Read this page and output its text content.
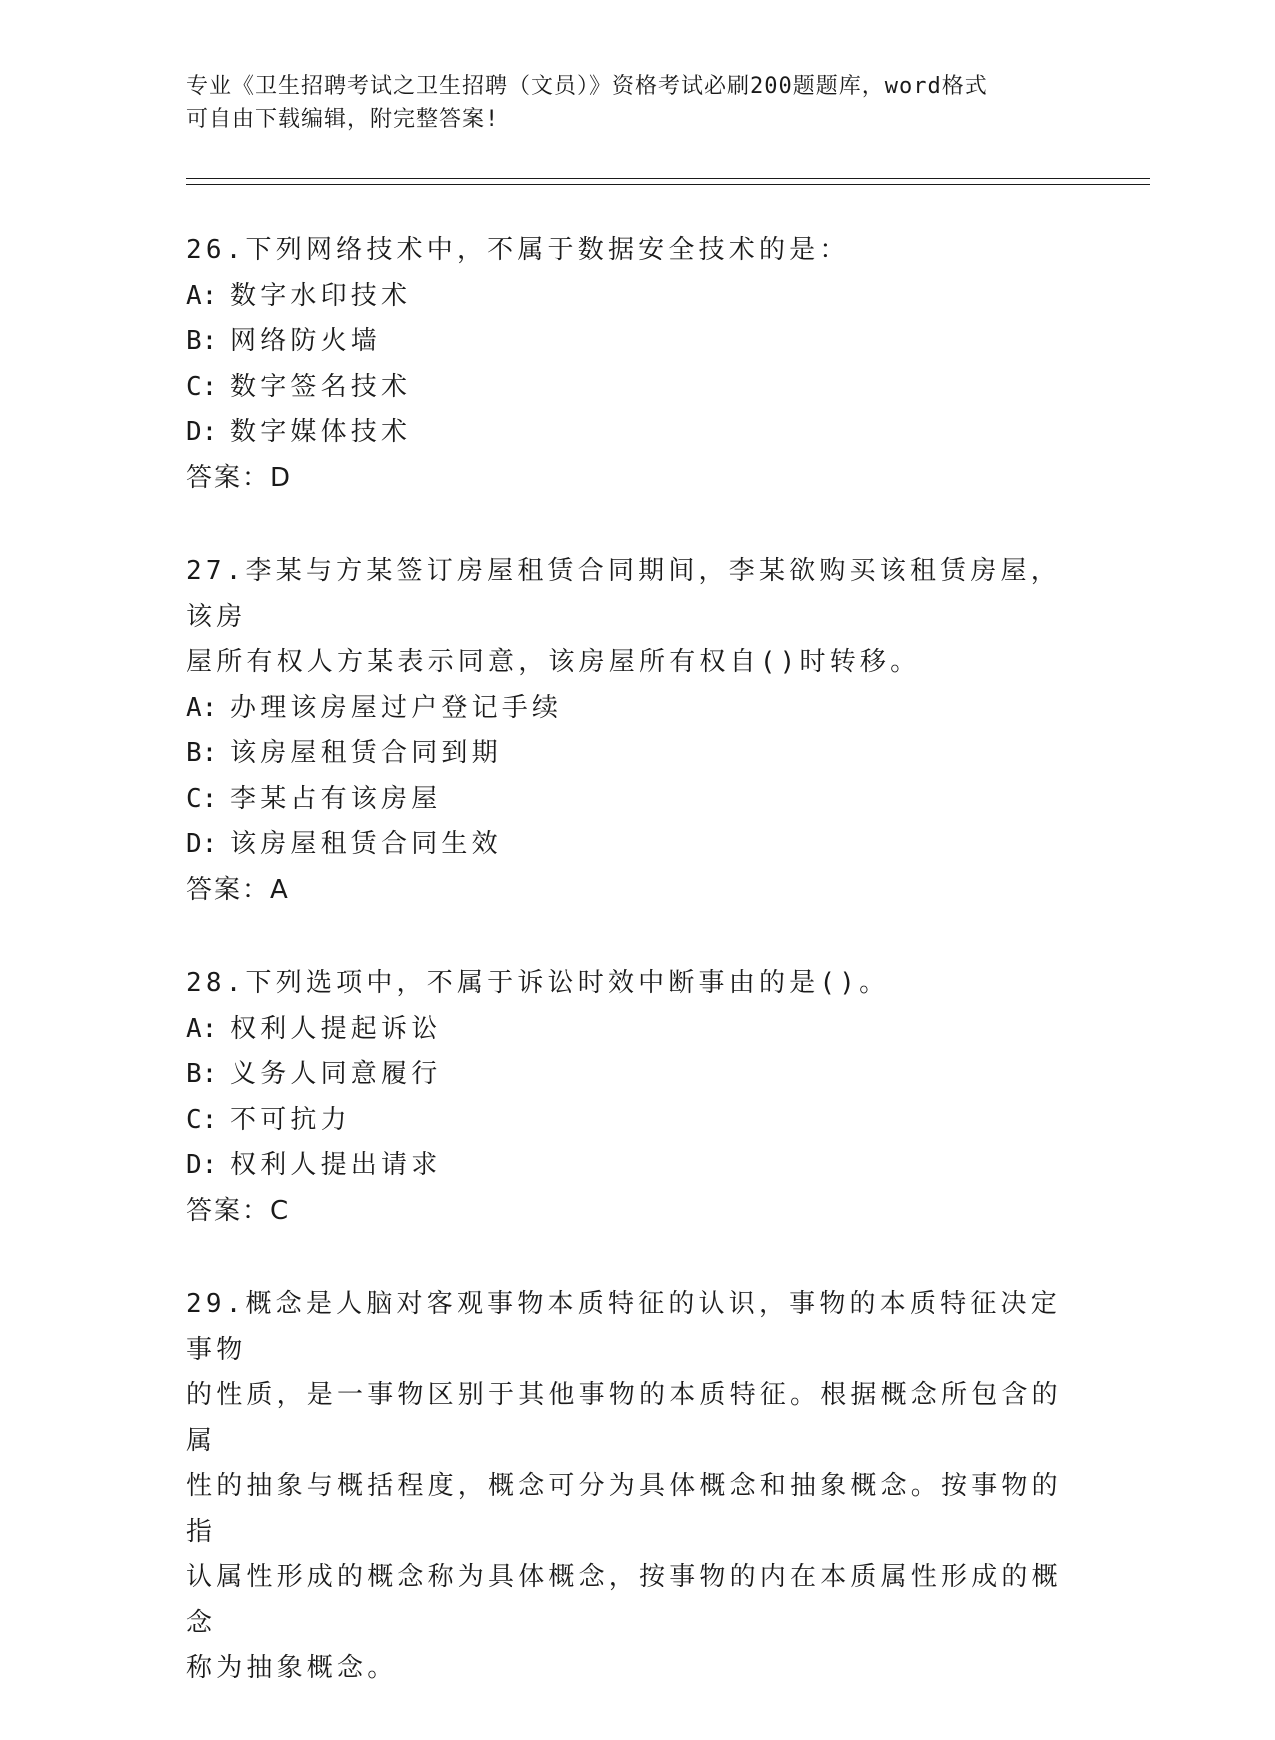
专业《卫生招聘考试之卫生招聘（文员）》资格考试必刷200题题库，word格式
可自由下载编辑，附完整答案!
26.下列网络技术中，不属于数据安全技术的是：
A: 数字水印技术
B: 网络防火墙
C: 数字签名技术
D: 数字媒体技术
答案：D
27.李某与方某签订房屋租赁合同期间，李某欲购买该租赁房屋，该房
屋所有权人方某表示同意，该房屋所有权自()时转移。
A: 办理该房屋过户登记手续
B: 该房屋租赁合同到期
C: 李某占有该房屋
D: 该房屋租赁合同生效
答案：A
28.下列选项中，不属于诉讼时效中断事由的是()。
A: 权利人提起诉讼
B: 义务人同意履行
C: 不可抗力
D: 权利人提出请求
答案：C
29.概念是人脑对客观事物本质特征的认识，事物的本质特征决定事物
的性质，是一事物区别于其他事物的本质特征。根据概念所包含的属
性的抽象与概括程度，概念可分为具体概念和抽象概念。按事物的指
认属性形成的概念称为具体概念，按事物的内在本质属性形成的概念
称为抽象概念。
